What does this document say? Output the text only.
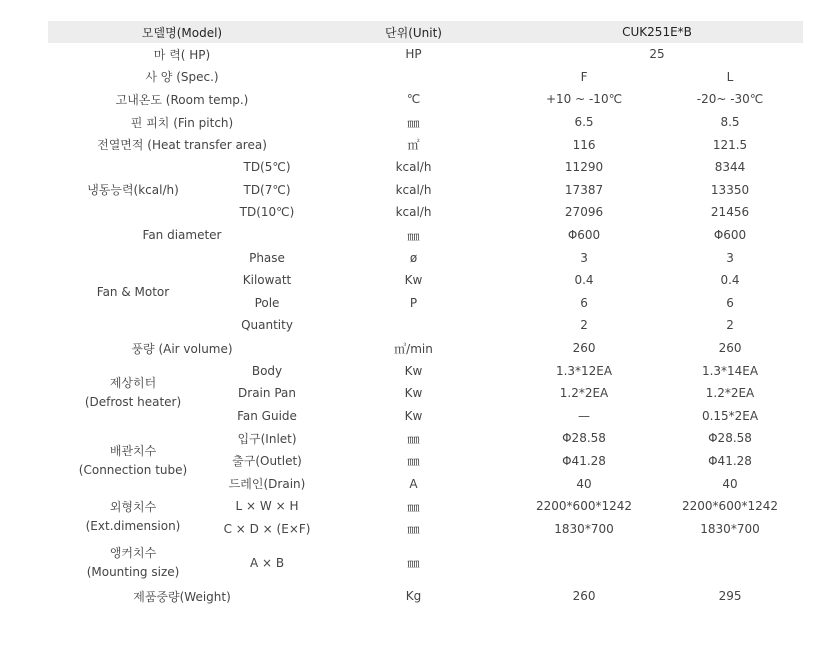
모델명(Model)		단위(Unit)	CUK251E*B	
마 력( HP)		HP	25	
사 양 (Spec.)			F	L
고내온도 (Room temp.)		℃	+10 ~ -10℃	-20~ -30℃
핀 피치 (Fin pitch)		㎜	6.5	8.5
전열면적 (Heat transfer area)		㎡	116	121.5
냉동능력(kcal/h)	TD(5℃)	kcal/h	11290	8344
	TD(7℃)	kcal/h	17387	13350
	TD(10℃)	kcal/h	27096	21456
Fan diameter		㎜	Φ600	Φ600
Fan & Motor	Phase	ø	3	3
	Kilowatt	Kw	0.4	0.4
	Pole	P	6	6
	Quantity		2	2
풍량 (Air volume)		㎥/min	260	260

제상히터
(Defrost heater)	Body	Kw	1.3*12EA	1.3*14EA
	Drain Pan	Kw	1.2*2EA	1.2*2EA
	Fan Guide	Kw	—	0.15*2EA

배관치수
(Connection tube)	입구(Inlet)	㎜	Φ28.58	Φ28.58
	출구(Outlet)	㎜	Φ41.28	Φ41.28
	드레인(Drain)	A	40	40

외형치수
(Ext.dimension)	L × W × H	㎜	2200*600*1242	2200*600*1242
	C × D × (E×F)	㎜	1830*700	1830*700

앵커치수
(Mounting size)	A × B	㎜		
제품중량(Weight)		Kg	260	295
